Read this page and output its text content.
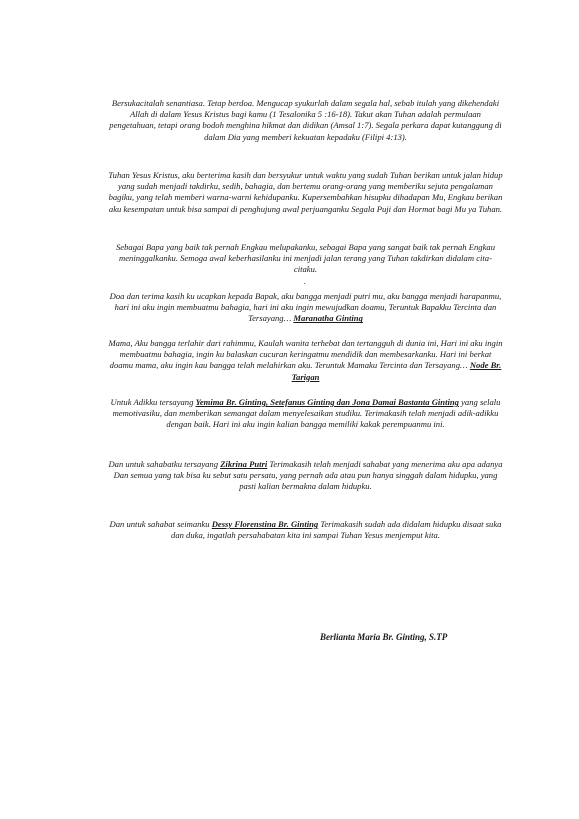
Bersukacitalah senantiasa. Tetap berdoa. Mengucap syukurlah dalam segala hal, sebab itulah yang dikehendaki Allah di dalam Yesus Kristus bagi kamu (1 Tesalonika 5 :16-18). Takut akan Tuhan adalah permulaan pengetahuan, tetapi orang bodoh menghina hikmat dan didikan (Amsal 1:7). Segala perkara dapat kutanggung di dalam Dia yang memberi kekuatan kepadaku (Filipi 4:13).

Tuhan Yesus Kristus, aku berterima kasih dan bersyukur untuk waktu yang sudah Tuhan berikan untuk jalan hidup yang sudah menjadi takdirku, sedih, bahagia, dan bertemu orang-orang yang memberiku sejuta pengalaman bagiku, yang telah memberi warna-warni kehidupanku. Kupersembahkan hisupku dihadapan Mu, Engkau berikan aku kesempatan untuk bisa sampai di penghujung awal perjuanganku Segala Puji dan Hormat bagi Mu ya Tuhan.

Sebagai Bapa yang baik tak pernah Engkau melupakanku, sebagai Bapa yang sangat baik tak pernah Engkau meninggalkanku. Semoga awal keberhasilanku ini menjadi jalan terang yang Tuhan takdirkan didalam cita-citaku.

.

Doa dan terima kasih ku ucapkan kepada Bapak, aku bangga menjadi putri mu, aku bangga menjadi harapanmu, hari ini aku ingin membuatmu bahagia, hari ini aku ingin mewujudkan doamu, Teruntuk Bapakku Tercinta dan Tersayang… Maranatha Ginting

Mama, Aku bangga terlahir dari rahimmu, Kaulah wanita terhebat dan tertangguh di dunia ini, Hari ini aku ingin membuatmu bahagia, ingin ku balaskan cucuran keringatmu mendidik dan membesarkanku. Hari ini berkat doamu mama, aku ingin kau bangga telah melahirkan aku. Teruntuk Mamaku Tercinta dan Tersayang… Node Br. Tarigan

Untuk Adikku tersayang Yemima Br. Ginting, Setefanus Ginting dan Jona Damai Bastanta Ginting yang selalu memotivasiku, dan memberikan semangat dalam menyelesaikan studiku. Terimakasih telah menjadi adik-adikku dengan baik. Hari ini aku ingin kalian bangga memiliki kakak perempuanmu ini.

Dan untuk sahabatku tersayang Zikrina Putri Terimakasih telah menjadi sahabat yang menerima aku apa adanya Dan semua yang tak bisa ku sebut satu persatu, yang pernah ada atau pun hanya singgah dalam hidupku, yang pasti kalian bermakna dalam hidupku.

Dan untuk sahabat seimanku Dessy Florenstina Br. Ginting Terimakasih sudah ada didalam hidupku disaat suka dan duka, ingatlah persahabatan kita ini sampai Tuhan Yesus menjemput kita.

Berlianta Maria Br. Ginting, S.TP
